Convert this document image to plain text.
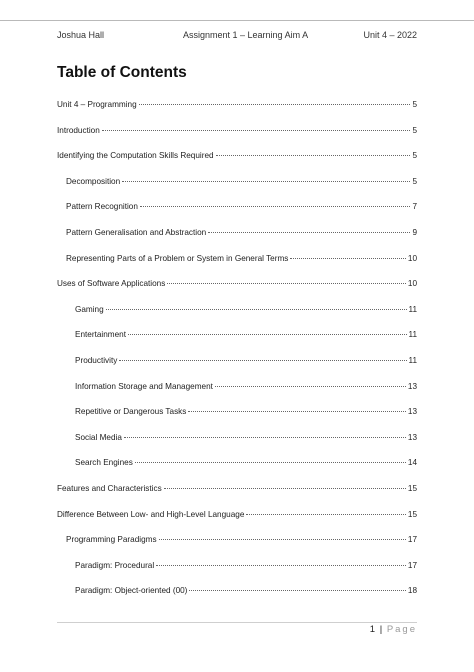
Joshua Hall	Assignment 1 – Learning Aim A	Unit 4 – 2022
Table of Contents
Unit 4 – Programming	5
Introduction	5
Identifying the Computation Skills Required	5
Decomposition	5
Pattern Recognition	7
Pattern Generalisation and Abstraction	9
Representing Parts of a Problem or System in General Terms	10
Uses of Software Applications	10
Gaming	11
Entertainment	11
Productivity	11
Information Storage and Management	13
Repetitive or Dangerous Tasks	13
Social Media	13
Search Engines	14
Features and Characteristics	15
Difference Between Low- and High-Level Language	15
Programming Paradigms	17
Paradigm: Procedural	17
Paradigm: Object-oriented (00)	18
1 | Page
